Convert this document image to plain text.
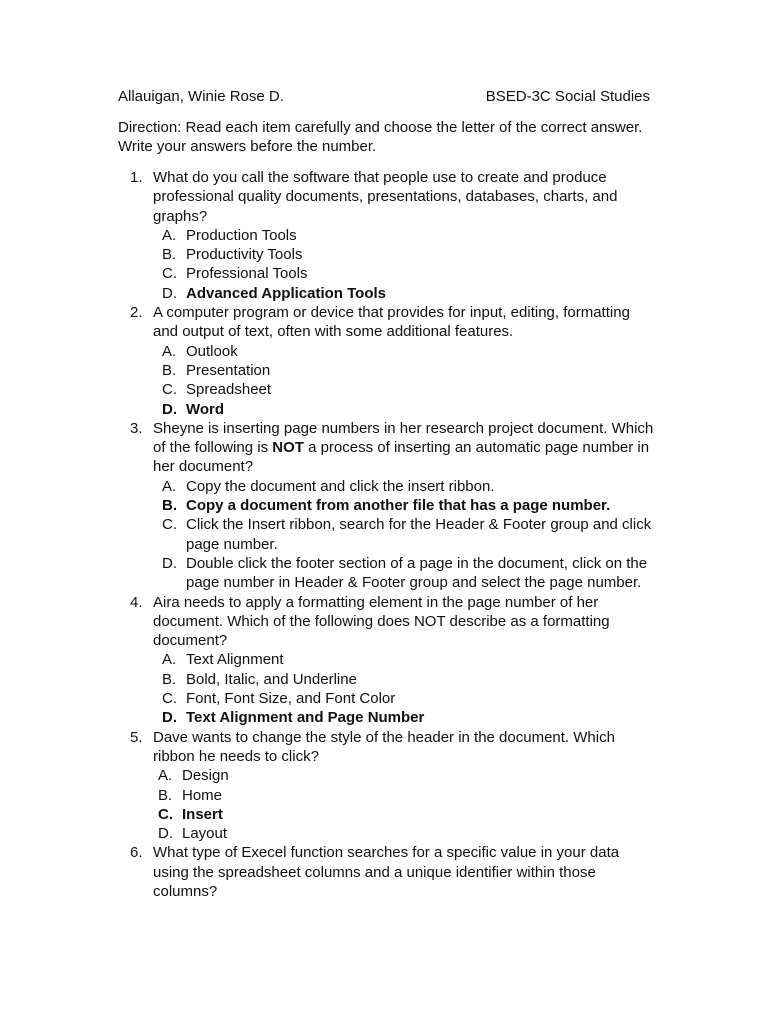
Allauigan, Winie Rose D.	BSED-3C Social Studies
Direction: Read each item carefully and choose the letter of the correct answer. Write your answers before the number.
1. What do you call the software that people use to create and produce professional quality documents, presentations, databases, charts, and graphs?
A. Production Tools
B. Productivity Tools
C. Professional Tools
D. Advanced Application Tools
2. A computer program or device that provides for input, editing, formatting and output of text, often with some additional features.
A. Outlook
B. Presentation
C. Spreadsheet
D. Word
3. Sheyne is inserting page numbers in her research project document. Which of the following is NOT a process of inserting an automatic page number in her document?
A. Copy the document and click the insert ribbon.
B. Copy a document from another file that has a page number.
C. Click the Insert ribbon, search for the Header & Footer group and click page number.
D. Double click the footer section of a page in the document, click on the page number in Header & Footer group and select the page number.
4. Aira needs to apply a formatting element in the page number of her document. Which of the following does NOT describe as a formatting document?
A. Text Alignment
B. Bold, Italic, and Underline
C. Font, Font Size, and Font Color
D. Text Alignment and Page Number
5. Dave wants to change the style of the header in the document. Which ribbon he needs to click?
A. Design
B. Home
C. Insert
D. Layout
6. What type of Execel function searches for a specific value in your data using the spreadsheet columns and a unique identifier within those columns?
